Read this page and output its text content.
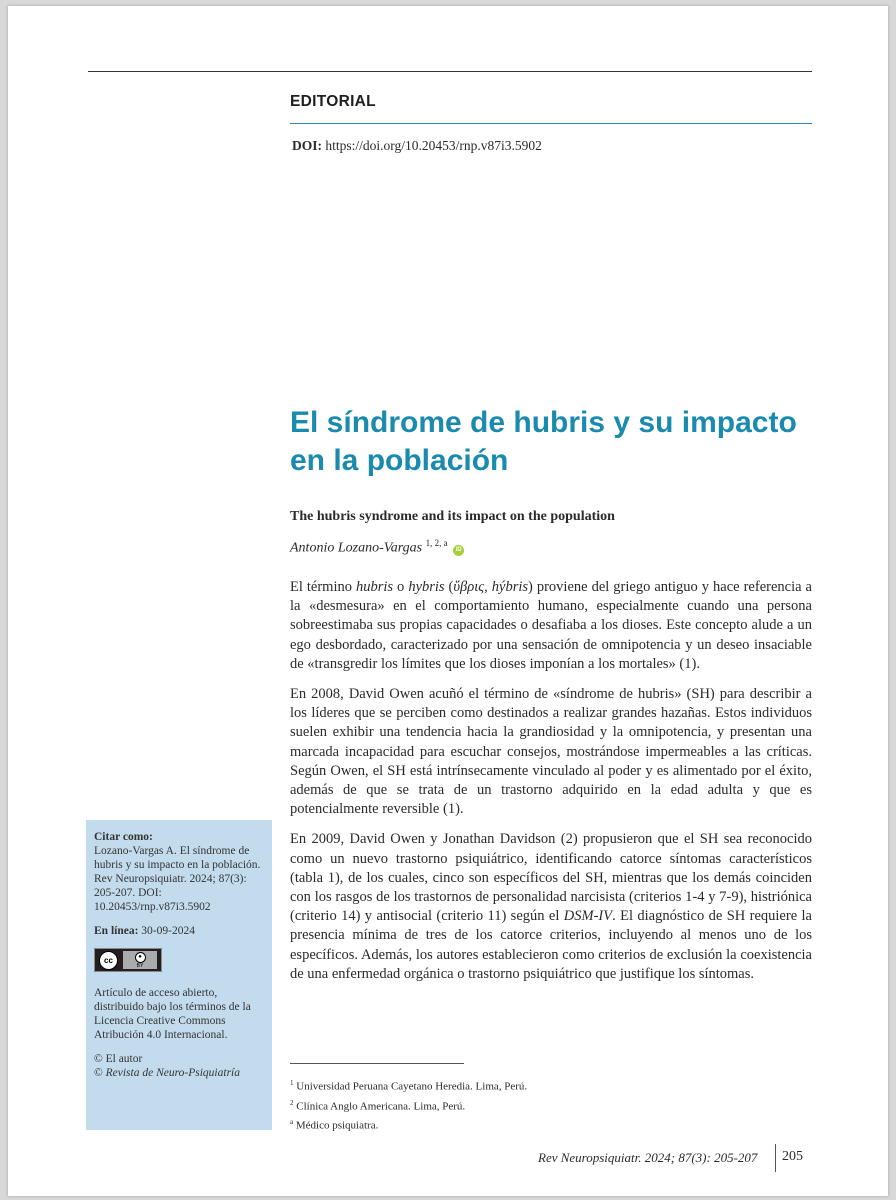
EDITORIAL
DOI: https://doi.org/10.20453/rnp.v87i3.5902
El síndrome de hubris y su impacto en la población
The hubris syndrome and its impact on the population
Antonio Lozano-Vargas $^{1, 2, a}$ iD

El término hubris o hybris (ὕβρις, hýbris) proviene del griego antiguo y hace referencia a la «desmesura» en el comportamiento humano, especialmente cuando una persona sobreestimaba sus propias capacidades o desafiaba a los dioses. Este concepto alude a un ego desbordado, caracterizado por una sensación de omnipotencia y un deseo insaciable de «transgredir los límites que los dioses imponían a los mortales» (1).

En 2008, David Owen acuñó el término de «síndrome de hubris» (SH) para describir a los líderes que se perciben como destinados a realizar grandes hazañas. Estos individuos suelen exhibir una tendencia hacia la grandiosidad y la omnipotencia, y presentan una marcada incapacidad para escuchar consejos, mostrándose impermeables a las críticas. Según Owen, el SH está intrínsecamente vinculado al poder y es alimentado por el éxito, además de que se trata de un trastorno adquirido en la edad adulta y que es potencialmente reversible (1).

En 2009, David Owen y Jonathan Davidson (2) propusieron que el SH sea reconocido como un nuevo trastorno psiquiátrico, identificando catorce síntomas característicos (tabla 1), de los cuales, cinco son específicos del SH, mientras que los demás coinciden con los rasgos de los trastornos de personalidad narcisista (criterios 1-4 y 7-9), histriónica (criterio 14) y antisocial (criterio 11) según el DSM-IV. El diagnóstico de SH requiere la presencia mínima de tres de los catorce criterios, incluyendo al menos uno de los específicos. Además, los autores establecieron como criterios de exclusión la coexistencia de una enfermedad orgánica o trastorno psiquiátrico que justifique los síntomas.

Citar como:
Lozano-Vargas A. El síndrome de hubris y su impacto en la población. Rev Neuropsiquiatr. 2024; 87(3): 205-207. DOI: 10.20453/rnp.v87i3.5902
En línea: 30-09-2024
cc	●
BY
Artículo de acceso abierto, distribuido bajo los términos de la Licencia Creative Commons Atribución 4.0 Internacional.
© El autor
© Revista de Neuro-Psiquiatría
$^1$ Universidad Peruana Cayetano Heredia. Lima, Perú.
$^2$ Clínica Anglo Americana. Lima, Perú.
$^a$ Médico psiquiatra.
Rev Neuropsiquiatr. 2024; 87(3): 205-207 205
